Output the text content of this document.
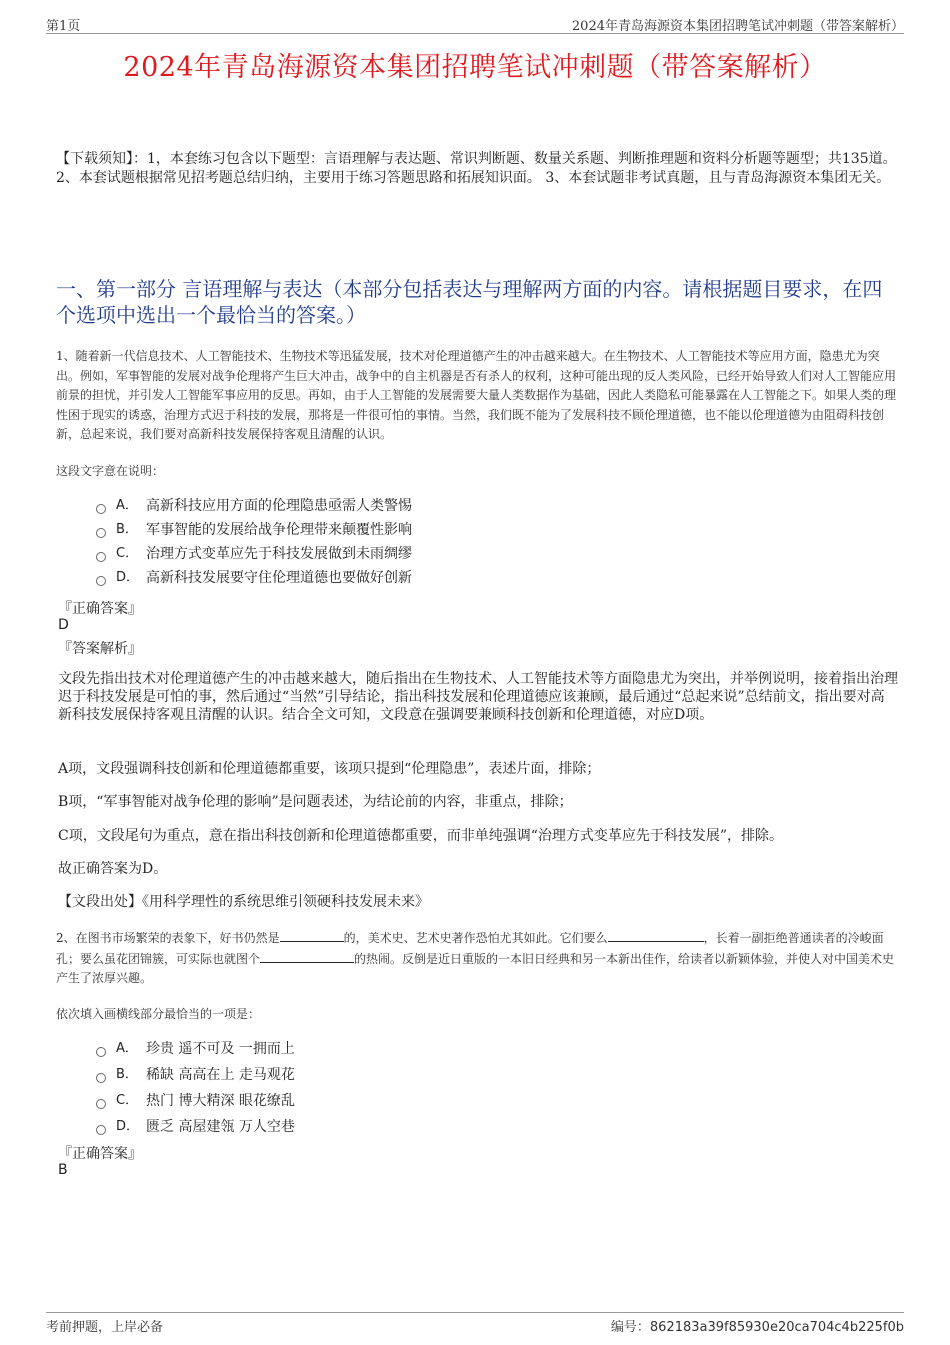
第1页	2024年青岛海源资本集团招聘笔试冲刺题（带答案解析）
2024年青岛海源资本集团招聘笔试冲刺题（带答案解析）
【下载须知】：1，本套练习包含以下题型：言语理解与表达题、常识判断题、数量关系题、判断推理题和资料分析题等题型；共135道。 2、本套试题根据常见招考题总结归纳，主要用于练习答题思路和拓展知识面。 3、本套试题非考试真题，且与青岛海源资本集团无关。
一、第一部分 言语理解与表达（本部分包括表达与理解两方面的内容。请根据题目要求，在四个选项中选出一个最恰当的答案。）
1、随着新一代信息技术、人工智能技术、生物技术等迅猛发展，技术对伦理道德产生的冲击越来越大。在生物技术、人工智能技术等应用方面，隐患尤为突出。例如，军事智能的发展对战争伦理将产生巨大冲击，战争中的自主机器是否有杀人的权利，这种可能出现的反人类风险，已经开始导致人们对人工智能应用前景的担忧，并引发人工智能军事应用的反思。再如，由于人工智能的发展需要大量人类数据作为基础，因此人类隐私可能暴露在人工智能之下。如果人类的理性困于现实的诱惑，治理方式迟于科技的发展，那将是一件很可怕的事情。当然，我们既不能为了发展科技不顾伦理道德，也不能以伦理道德为由阻碍科技创新，总起来说，我们要对高新科技发展保持客观且清醒的认识。
这段文字意在说明：
A． 高新科技应用方面的伦理隐患亟需人类警惕
B． 军事智能的发展给战争伦理带来颠覆性影响
C． 治理方式变革应先于科技发展做到未雨绸缪
D． 高新科技发展要守住伦理道德也要做好创新
『正确答案』
D
『答案解析』
文段先指出技术对伦理道德产生的冲击越来越大，随后指出在生物技术、人工智能技术等方面隐患尤为突出，并举例说明，接着指出治理迟于科技发展是可怕的事，然后通过“当然”引导结论，指出科技发展和伦理道德应该兼顾，最后通过“总起来说”总结前文，指出要对高新科技发展保持客观且清醒的认识。结合全文可知，文段意在强调要兼顾科技创新和伦理道德，对应D项。
A项，文段强调科技创新和伦理道德都重要，该项只提到“伦理隐患”，表述片面，排除；
B项，“军事智能对战争伦理的影响”是问题表述，为结论前的内容，非重点，排除；
C项，文段尾句为重点，意在指出科技创新和伦理道德都重要，而非单纯强调“治理方式变革应先于科技发展”，排除。
故正确答案为D。
【文段出处】《用科学理性的系统思维引领硬科技发展未来》
2、在图书市场繁荣的表象下，好书仍然是	的，美术史、艺术史著作恐怕尤其如此。它们要么	，长着一副拒绝普通读者的冷峻面孔；要么虽花团锦簇，可实际也就图个	的热闹。反倒是近日重版的一本旧日经典和另一本新出佳作，给读者以新颖体验，并使人对中国美术史产生了浓厚兴趣。
依次填入画横线部分最恰当的一项是：
A． 珍贵 遥不可及 一拥而上
B． 稀缺 高高在上 走马观花
C． 热门 博大精深 眼花缭乱
D． 匮乏 高屋建瓴 万人空巷
『正确答案』
B
考前押题，上岸必备	编号：862183a39f85930e20ca704c4b225f0b
